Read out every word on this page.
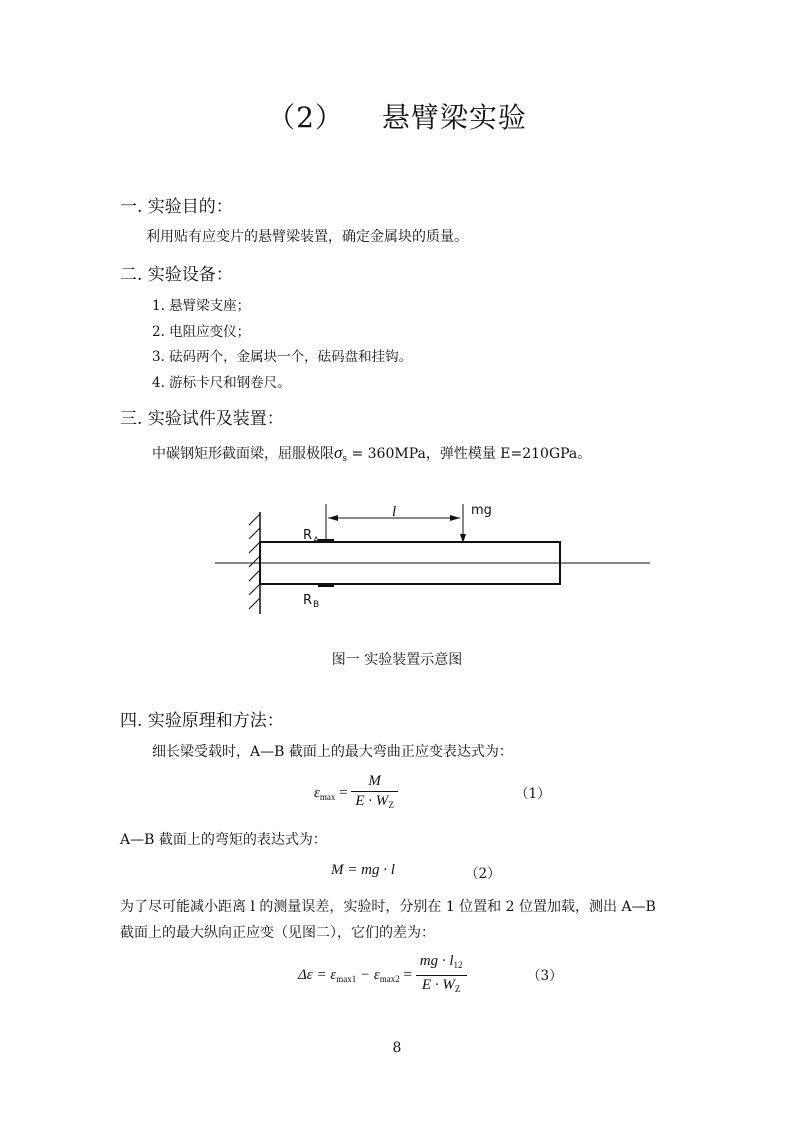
（2） 悬臂梁实验
一. 实验目的：
利用贴有应变片的悬臂梁装置，确定金属块的质量。
二. 实验设备：
1. 悬臂梁支座；
2. 电阻应变仪；
3. 砝码两个，金属块一个，砝码盘和挂钩。
4. 游标卡尺和钢卷尺。
三. 实验试件及装置：
中碳钢矩形截面梁，屈服极限$\sigma_s = 360MPa$，弹性模量 E=210GPa。
l	mg
R A
R B
图一 实验装置示意图
四. 实验原理和方法：
细长梁受载时，A—B 截面上的最大弯曲正应变表达式为：
$\varepsilon_{max} = \frac{M}{E \cdot W_Z}$	（1）
A—B 截面上的弯矩的表达式为：
M = mg · l	（2）
为了尽可能减小距离 l 的测量误差，实验时，分别在 1 位置和 2 位置加载，测出 A—B
截面上的最大纵向正应变（见图二），它们的差为：
$\Delta\varepsilon = \varepsilon_{max1} - \varepsilon_{max2} = \frac{mg \cdot l_{12}}{E \cdot W_Z}$	（3）
8
